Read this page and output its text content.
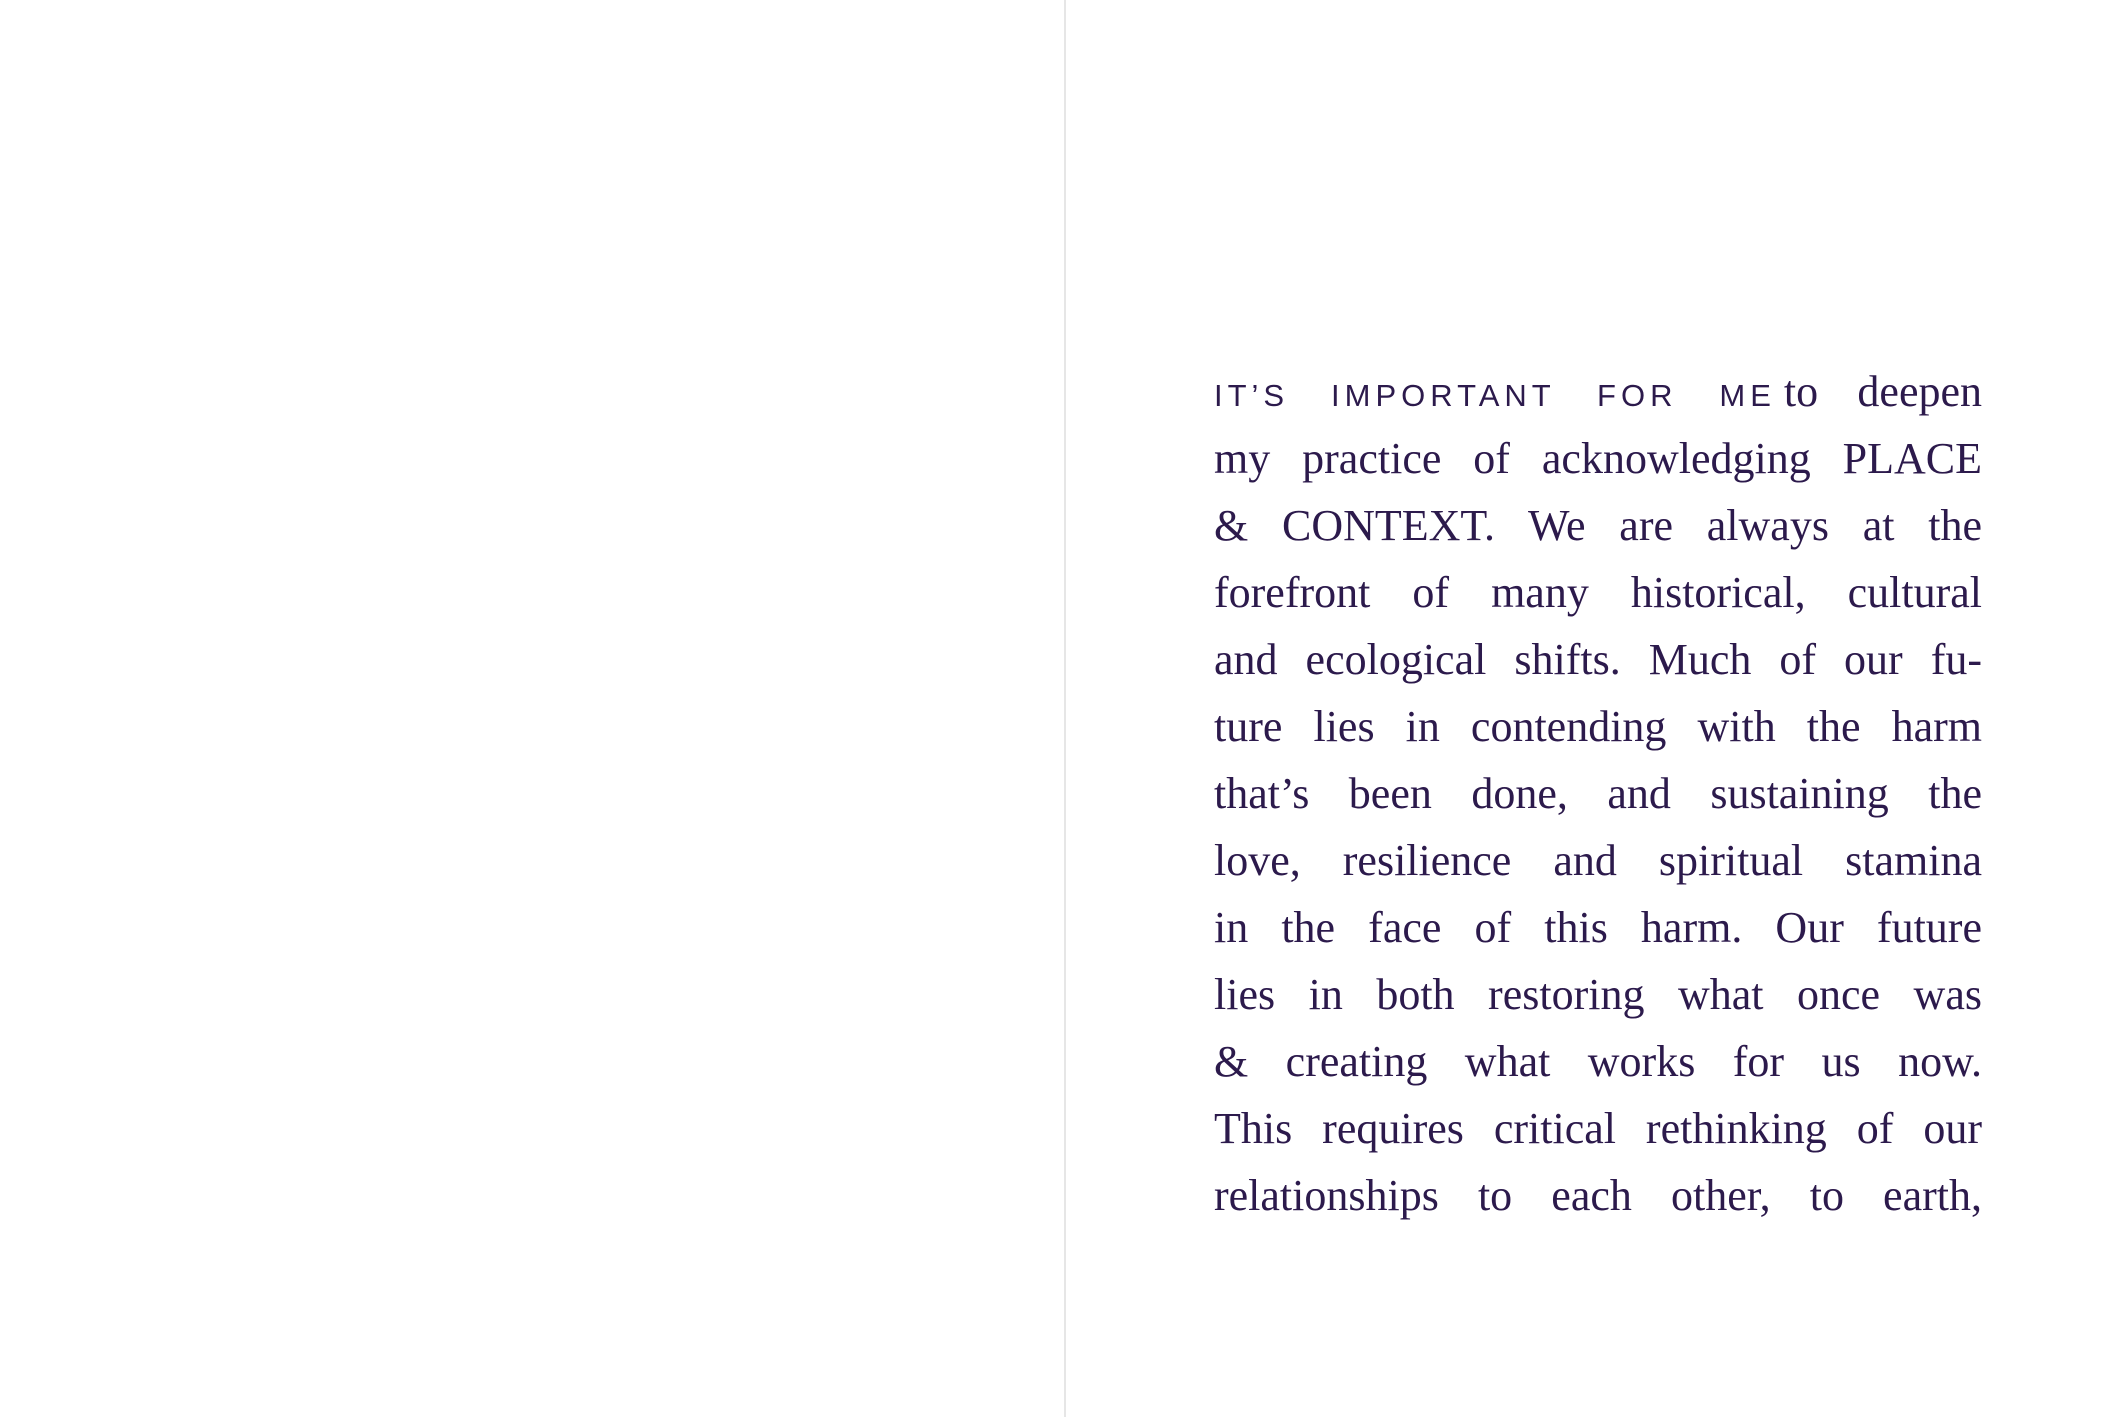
IT’S IMPORTANT FOR ME to deepen
my practice of acknowledging PLACE
& CONTEXT. We are always at the
forefront of many historical, cultural
and ecological shifts. Much of our fu-
ture lies in contending with the harm
that’s been done, and sustaining the
love, resilience and spiritual stamina
in the face of this harm. Our future
lies in both restoring what once was
& creating what works for us now.
This requires critical rethinking of our
relationships to each other, to earth,
